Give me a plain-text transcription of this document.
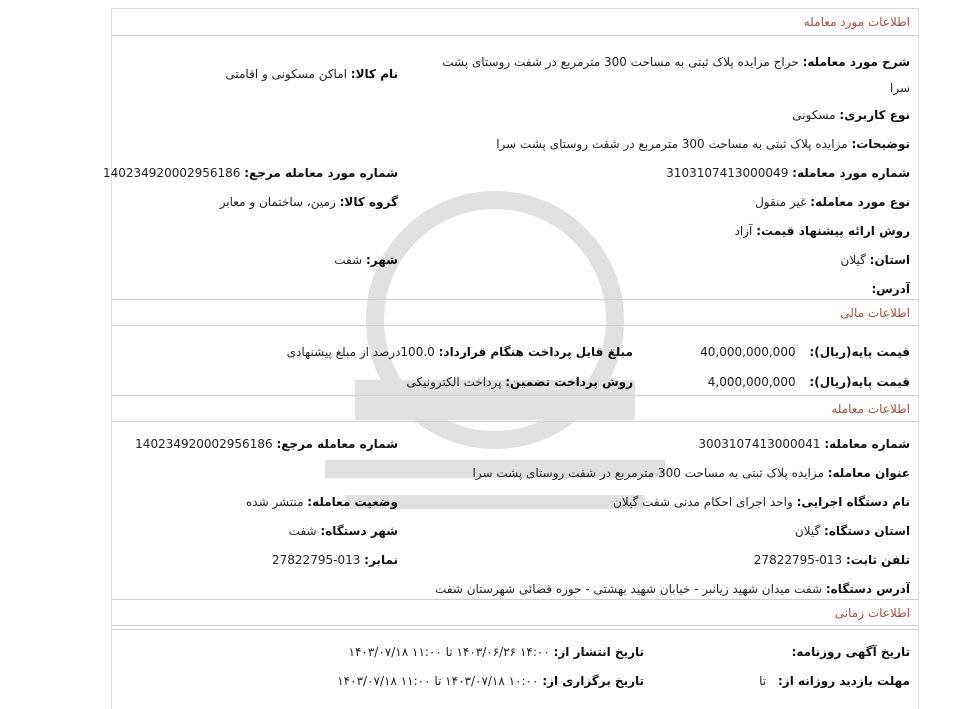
اطلاعات مورد معامله
شرح مورد معامله: حراج مزایده پلاک ثبتی به مساحت 300 مترمربع در شفت روستای پشت سرا
نام کالا: اماکن مسکونی و اقامتی
نوع کاربری: مسکونی
توضیحات: مزایده پلاک ثبتی به مساحت 300 مترمربع در شفت روستای پشت سرا
شماره مورد معامله: 3103107413000049
شماره مورد معامله مرجع: 140234920002956186
نوع مورد معامله: غیر منقول
گروه کالا: زمین، ساختمان و معابر
روش ارائه پیشنهاد قیمت: آزاد
استان: گیلان
شهر: شفت
آدرس:
اطلاعات مالی
قیمت پایه(ریال): 40,000,000,000
مبلغ قابل پرداخت هنگام قرارداد: 100.0درصد از مبلغ پیشنهادی
قیمت پایه(ریال): 4,000,000,000
روش پرداخت تضمین: پرداخت الکترونیکی
اطلاعات معامله
شماره معامله: 3003107413000041
شماره معامله مرجع: 140234920002956186
عنوان معامله: مزایده پلاک ثبتی به مساحت 300 مترمربع در شفت روستای پشت سرا
نام دستگاه اجرایی: واحد اجرای احکام مدنی شفت گیلان
وضعیت معامله: منتشر شده
استان دستگاه: گیلان
شهر دستگاه: شفت
تلفن ثابت: 013-27822795
نمابر: 013-27822795
آدرس دستگاه: شفت میدان شهید زیانبر - خیابان شهید بهشتی - حوزه قضائی شهرستان شفت
اطلاعات زمانی
تاریخ آگهی روزنامه:
تاریخ انتشار از: ۱۴:۰۰ ۱۴۰۳/۰۶/۲۶ تا ۱۱:۰۰ ۱۴۰۳/۰۷/۱۸
مهلت بازدید روزانه از: تا
تاریخ برگزاری از: ۱۰:۰۰ ۱۴۰۳/۰۷/۱۸ تا ۱۱:۰۰ ۱۴۰۳/۰۷/۱۸
